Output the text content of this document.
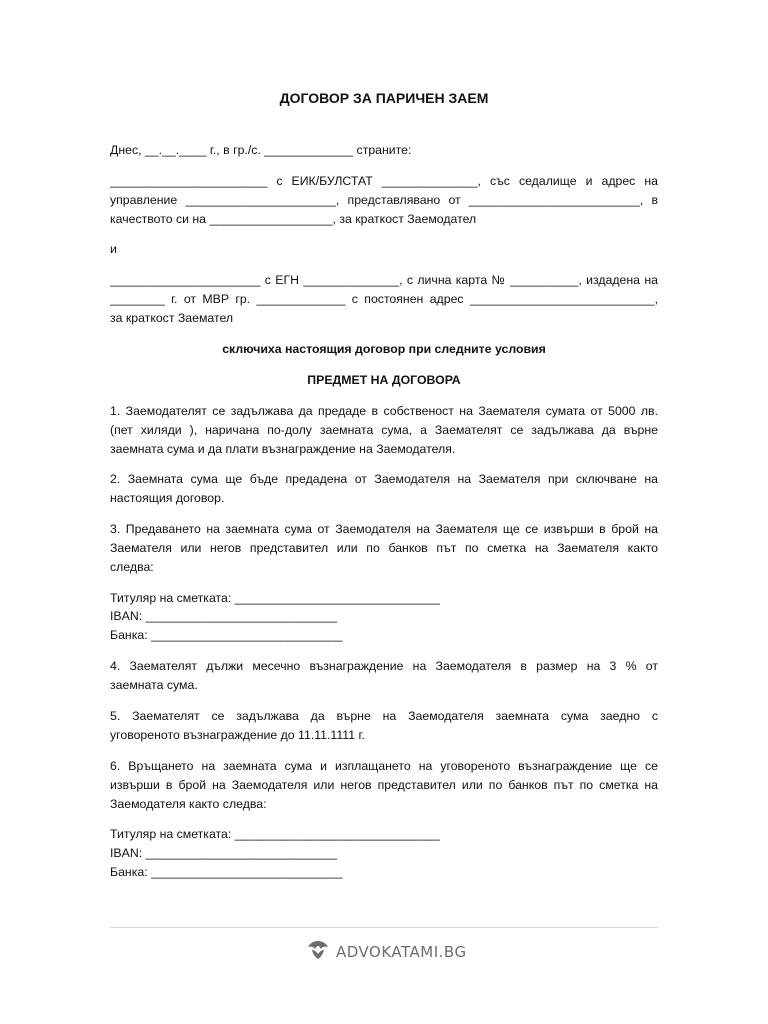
ДОГОВОР ЗА ПАРИЧЕН ЗАЕМ
Днес, __.__.____ г., в гр./с. _____________ страните:
_______________________ с ЕИК/БУЛСТАТ ______________, със седалище и адрес на
управление ______________________, представлявано от _________________________, в
качеството си на __________________, за краткост Заемодател
и
______________________ с ЕГН ______________, с лична карта № __________, издадена на
________ г. от МВР гр. _____________ с постоянен адрес ___________________________,
за краткост Заемател
сключиха настоящия договор при следните условия
ПРЕДМЕТ НА ДОГОВОРА
1. Заемодателят се задължава да предаде в собственост на Заемателя сумата от 5000 лв.
(пет хиляди ), наричана по-долу заемната сума, а Заемателят се задължава да върне
заемната сума и да плати възнаграждение на Заемодателя.
2. Заемната сума ще бъде предадена от Заемодателя на Заемателя при сключване на
настоящия договор.
3. Предаването на заемната сума от Заемодателя на Заемателя ще се извърши в брой на
Заемателя или негов представител или по банков път по сметка на Заемателя както
следва:
Титуляр на сметката: ______________________________
IBAN: ____________________________
Банка: ____________________________
4. Заемателят дължи месечно възнаграждение на Заемодателя в размер на 3 % от
заемната сума.
5. Заемателят се задължава да върне на Заемодателя заемната сума заедно с
уговореното възнаграждение до 11.11.1111 г.
6. Връщането на заемната сума и изплащането на уговореното възнаграждение ще се
извърши в брой на Заемодателя или негов представител или по банков път по сметка на
Заемодателя както следва:
Титуляр на сметката: ______________________________
IBAN: ____________________________
Банка: ____________________________
ADVOKATAMI.BG
